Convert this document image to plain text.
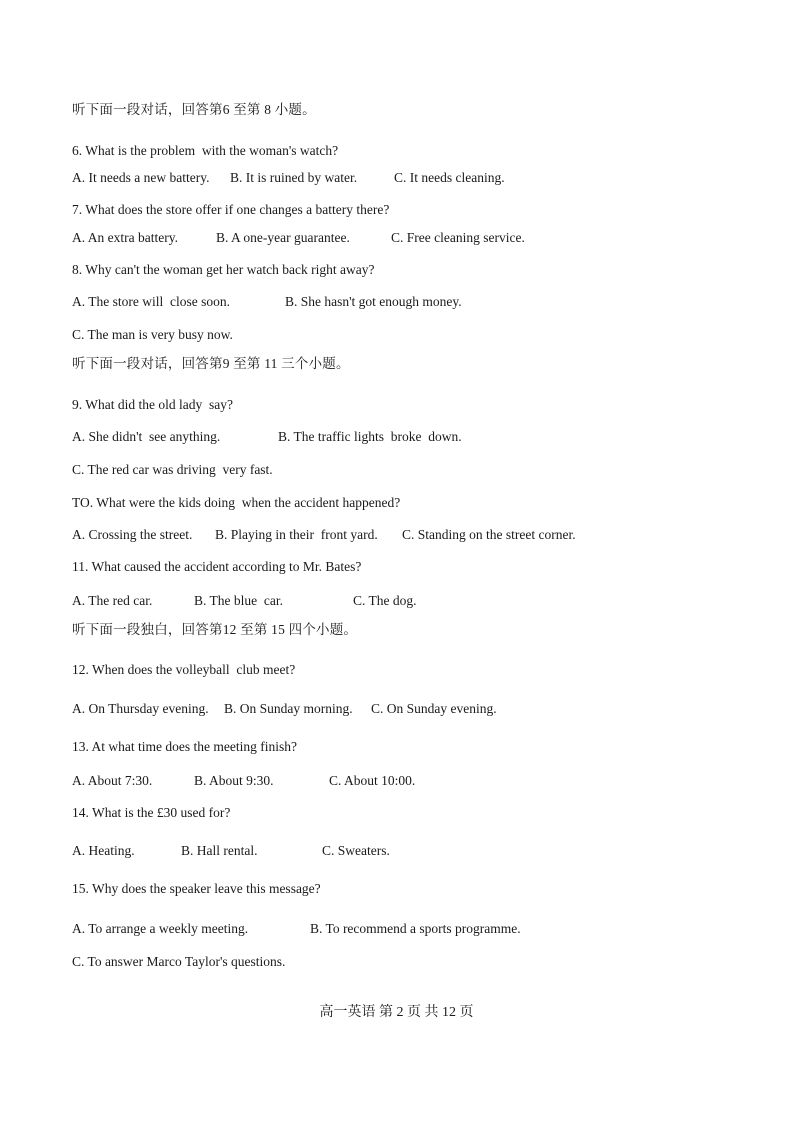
听下面一段对话，回答第6 至第 8 小题。
6. What is the problem  with the woman's watch?
A. It needs a new battery. B. It is ruined by water.	C. It needs cleaning.
7. What does the store offer if one changes a battery there?
A. An extra battery.	B. A one-year guarantee.	C. Free cleaning service.
8. Why can't the woman get her watch back right away?
A. The store will  close soon.	B. She hasn't got enough money.
C. The man is very busy now.
听下面一段对话，回答第9 至第 11 三个小题。
9. What did the old lady  say?
A. She didn't  see anything.	B. The traffic lights  broke  down.
C. The red car was driving  very fast.
TO. What were the kids doing  when the accident happened?
A. Crossing the street. B. Playing in their  front yard. C. Standing on the street corner.
11. What caused the accident according to Mr. Bates?
A. The red car.	B. The blue  car.	C. The dog.
听下面一段独白，回答第12 至第 15 四个小题。
12. When does the volleyball  club meet?
A. On Thursday evening. B. On Sunday morning. C. On Sunday evening.
13. At what time does the meeting finish?
A. About 7:30.	B. About 9:30.	C. About 10:00.
14. What is the £30 used for?
A. Heating.	B. Hall rental.	C. Sweaters.
15. Why does the speaker leave this message?
A. To arrange a weekly meeting.	B. To recommend a sports programme.
C. To answer Marco Taylor's questions.
高一英语 第 2 页 共 12 页
